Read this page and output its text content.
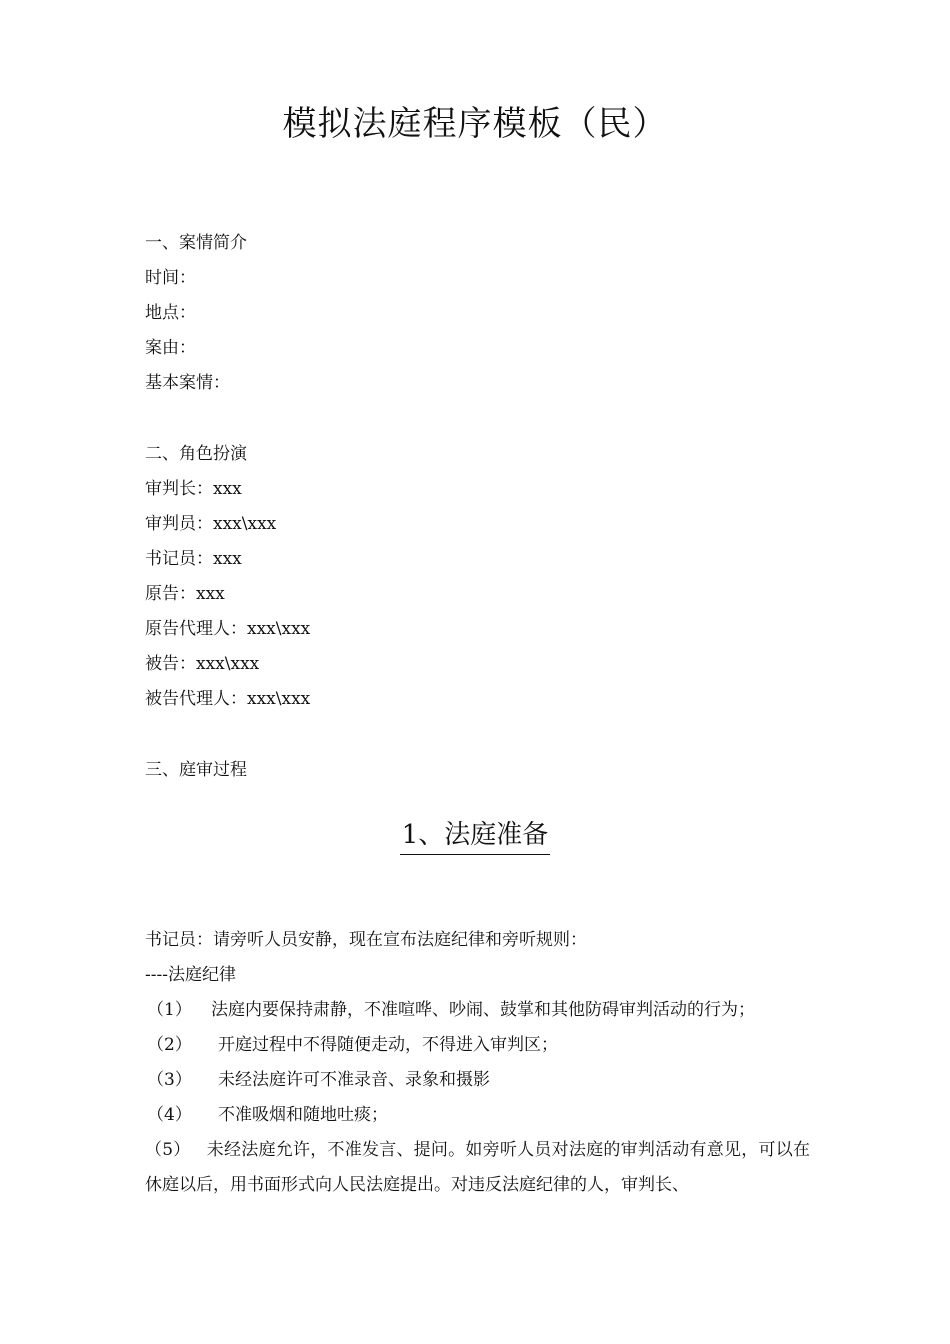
模拟法庭程序模板（民）
一、案情简介
时间：
地点：
案由：
基本案情：
二、角色扮演
审判长：xxx
审判员：xxx\xxx
书记员：xxx
原告：xxx
原告代理人：xxx\xxx
被告：xxx\xxx
被告代理人：xxx\xxx
三、庭审过程
1、法庭准备
书记员：请旁听人员安静，现在宣布法庭纪律和旁听规则：
----法庭纪律
（1） 法庭内要保持肃静，不准喧哗、吵闹、鼓掌和其他防碍审判活动的行为；
（2） 开庭过程中不得随便走动，不得进入审判区；
（3） 未经法庭许可不准录音、录象和摄影
（4） 不准吸烟和随地吐痰；
（5） 未经法庭允许，不准发言、提问。如旁听人员对法庭的审判活动有意见，可以在休庭以后，用书面形式向人民法庭提出。对违反法庭纪律的人，审判长、
